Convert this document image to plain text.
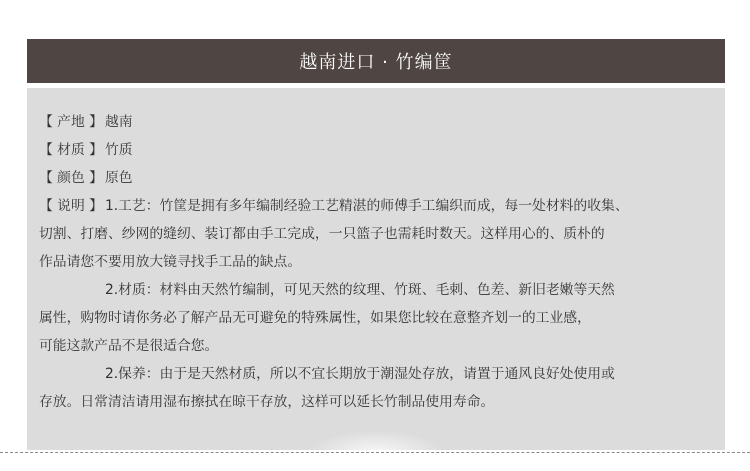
越南进口 · 竹编筐
【 产地 】 越南
【 材质 】 竹质
【 颜色 】 原色
【 说明 】 1.工艺：竹筐是拥有多年编制经验工艺精湛的师傅手工编织而成，每一处材料的收集、
切割、打磨、纱网的缝纫、装订都由手工完成，一只篮子也需耗时数天。这样用心的、质朴的
作品请您不要用放大镜寻找手工品的缺点。
2.材质：材料由天然竹编制，可见天然的纹理、竹斑、毛刺、色差、新旧老嫩等天然
属性，购物时请你务必了解产品无可避免的特殊属性，如果您比较在意整齐划一的工业感，
可能这款产品不是很适合您。
2.保养：由于是天然材质，所以不宜长期放于潮湿处存放，请置于通风良好处使用或
存放。日常清洁请用湿布擦拭在晾干存放，这样可以延长竹制品使用寿命。
